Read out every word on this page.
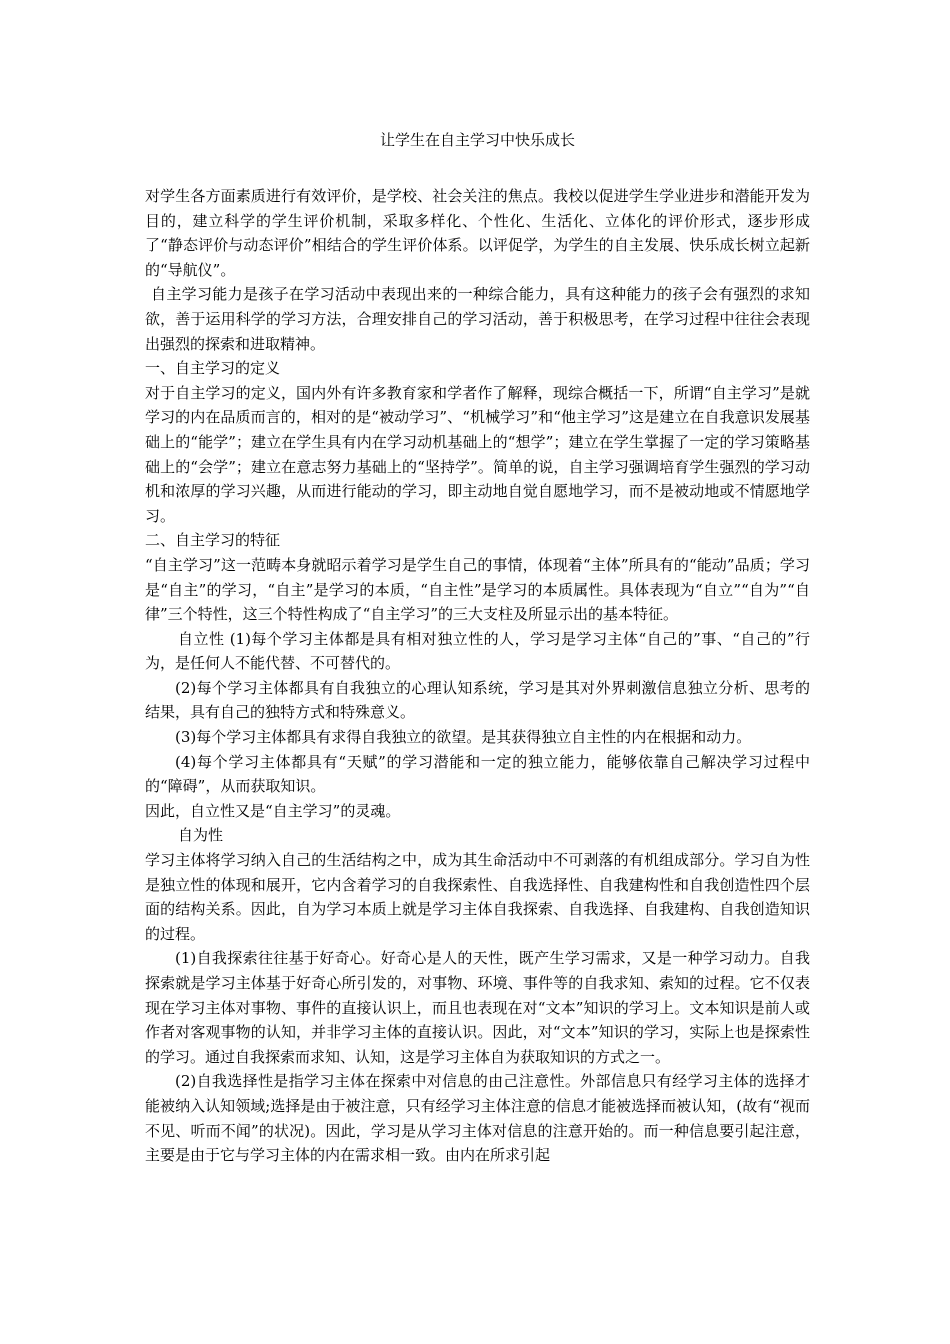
让学生在自主学习中快乐成长

对学生各方面素质进行有效评价，是学校、社会关注的焦点。我校以促进学生学业进步和潜能开发为目的，建立科学的学生评价机制，采取多样化、个性化、生活化、立体化的评价形式，逐步形成了“静态评价与动态评价”相结合的学生评价体系。以评促学，为学生的自主发展、快乐成长树立起新的“导航仪”。

自主学习能力是孩子在学习活动中表现出来的一种综合能力，具有这种能力的孩子会有强烈的求知欲，善于运用科学的学习方法，合理安排自己的学习活动，善于积极思考，在学习过程中往往会表现出强烈的探索和进取精神。

一、自主学习的定义

对于自主学习的定义，国内外有许多教育家和学者作了解释，现综合概括一下，所谓“自主学习”是就学习的内在品质而言的，相对的是“被动学习”、“机械学习”和“他主学习”这是建立在自我意识发展基础上的“能学”；建立在学生具有内在学习动机基础上的“想学”；建立在学生掌握了一定的学习策略基础上的“会学”；建立在意志努力基础上的“坚持学”。简单的说，自主学习强调培育学生强烈的学习动机和浓厚的学习兴趣，从而进行能动的学习，即主动地自觉自愿地学习，而不是被动地或不情愿地学习。

二、自主学习的特征

“自主学习”这一范畴本身就昭示着学习是学生自己的事情，体现着“主体”所具有的“能动”品质；学习是“自主”的学习，“自主”是学习的本质，“自主性”是学习的本质属性。具体表现为“自立”“自为”“自律”三个特性，这三个特性构成了“自主学习”的三大支柱及所显示出的基本特征。

自立性 (1)每个学习主体都是具有相对独立性的人，学习是学习主体“自己的”事、“自己的”行为，是任何人不能代替、不可替代的。

(2)每个学习主体都具有自我独立的心理认知系统，学习是其对外界刺激信息独立分析、思考的结果，具有自己的独特方式和特殊意义。

(3)每个学习主体都具有求得自我独立的欲望。是其获得独立自主性的内在根据和动力。

(4)每个学习主体都具有“天赋”的学习潜能和一定的独立能力，能够依靠自己解决学习过程中的“障碍”，从而获取知识。

因此，自立性又是“自主学习”的灵魂。

自为性

学习主体将学习纳入自己的生活结构之中，成为其生命活动中不可剥落的有机组成部分。学习自为性是独立性的体现和展开，它内含着学习的自我探索性、自我选择性、自我建构性和自我创造性四个层面的结构关系。因此，自为学习本质上就是学习主体自我探索、自我选择、自我建构、自我创造知识的过程。

(1)自我探索往往基于好奇心。好奇心是人的天性，既产生学习需求，又是一种学习动力。自我探索就是学习主体基于好奇心所引发的，对事物、环境、事件等的自我求知、索知的过程。它不仅表现在学习主体对事物、事件的直接认识上，而且也表现在对“文本”知识的学习上。文本知识是前人或作者对客观事物的认知，并非学习主体的直接认识。因此，对“文本”知识的学习，实际上也是探索性的学习。通过自我探索而求知、认知，这是学习主体自为获取知识的方式之一。

(2)自我选择性是指学习主体在探索中对信息的由己注意性。外部信息只有经学习主体的选择才能被纳入认知领域;选择是由于被注意，只有经学习主体注意的信息才能被选择而被认知，(故有“视而不见、听而不闻”的状况)。因此，学习是从学习主体对信息的注意开始的。而一种信息要引起注意，主要是由于它与学习主体的内在需求相一致。由内在所求引起
